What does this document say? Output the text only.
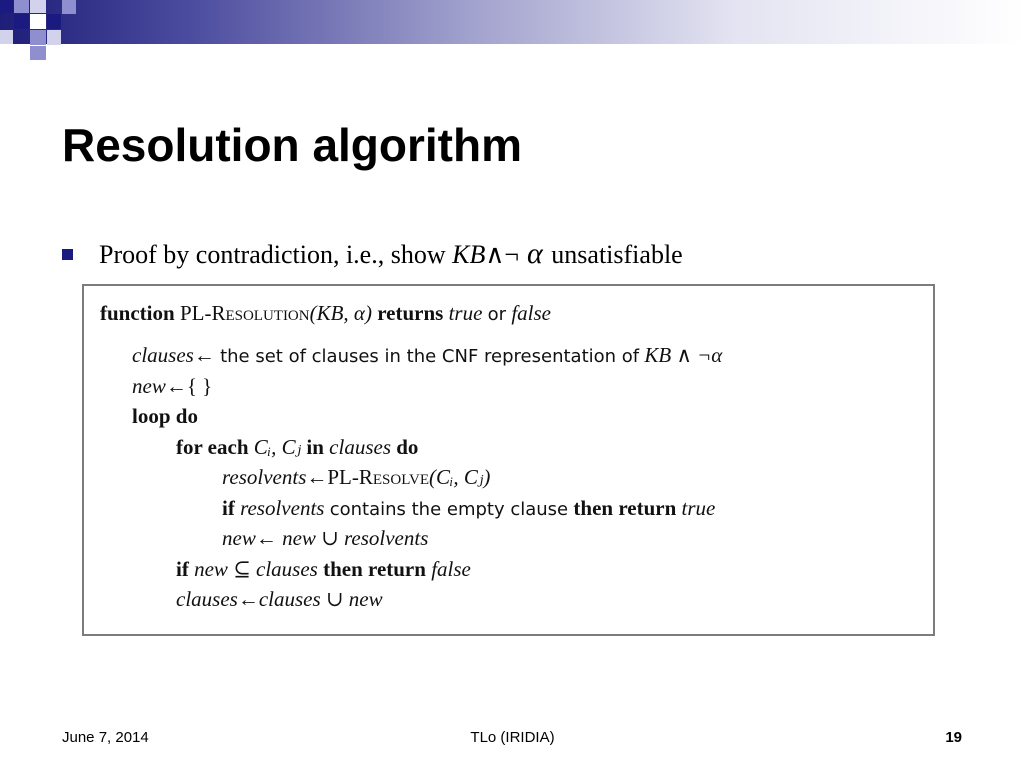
Resolution algorithm
Proof by contradiction, i.e., show KB∧¬ α unsatisfiable
function PL-Resolution(KB, α) returns true or false
clauses← the set of clauses in the CNF representation of KB ∧ ¬α
new←{ }
loop do
for each Cᵢ, Cⱼ in clauses do
resolvents←PL-Resolve(Cᵢ, Cⱼ)
if resolvents contains the empty clause then return true
new← new ∪ resolvents
if new ⊆ clauses then return false
clauses←clauses ∪ new
June 7, 2014	TLo (IRIDIA)	19
